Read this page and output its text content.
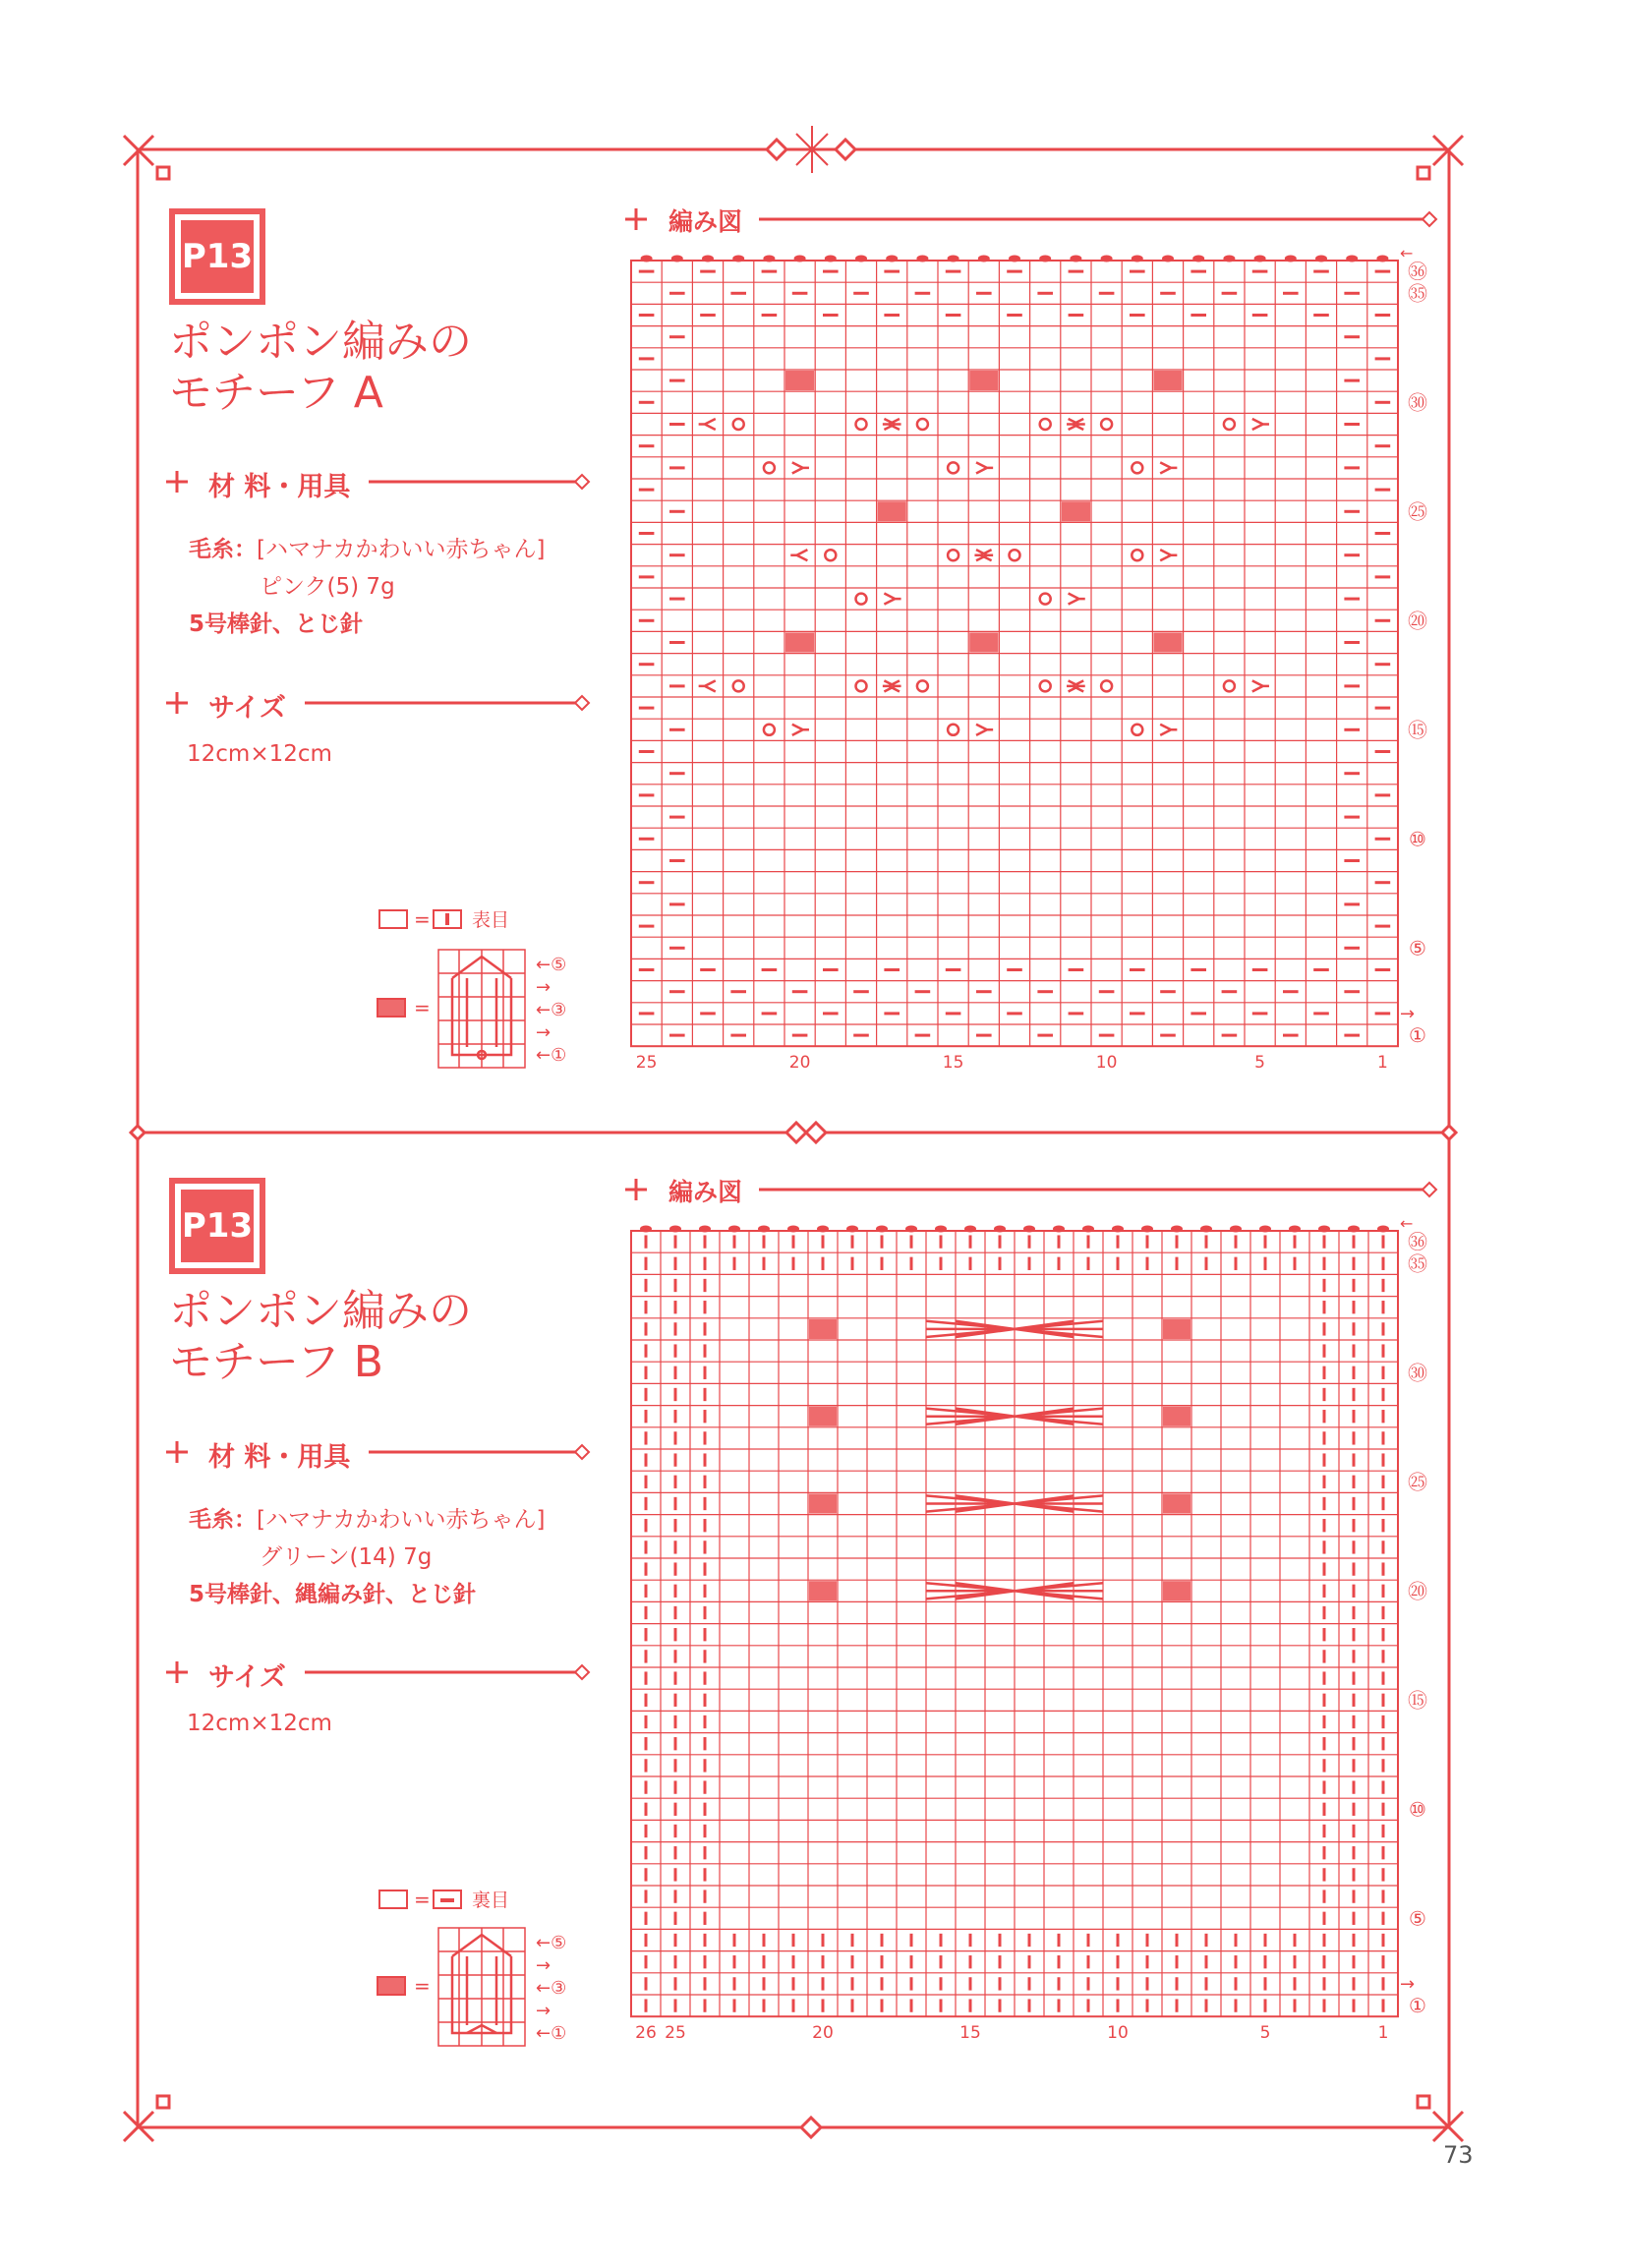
P13
ポンポン編みの
モチーフ A
材 料・用具
毛糸：[ハマナカかわいい赤ちゃん]
ピンク(5) 7g
5号棒針、とじ針
サイズ
12cm×12cm
= 表目
=
←⑤
→
←③
→
←①
編み図
25	20	15	10	5	1
㊱
㉟
㉚
㉕
⑳
⑮
⑩
⑤
①
→
←
P13
ポンポン編みの
モチーフ B
材 料・用具
毛糸：[ハマナカかわいい赤ちゃん]
グリーン(14) 7g
5号棒針、縄編み針、とじ針
サイズ
12cm×12cm
= 裏目
=
←⑤
→
←③
→
←①
編み図
26 25	20	15	10	5	1
㊱
㉟
㉚
㉕
⑳
⑮
⑩
⑤
①
→
←
73
